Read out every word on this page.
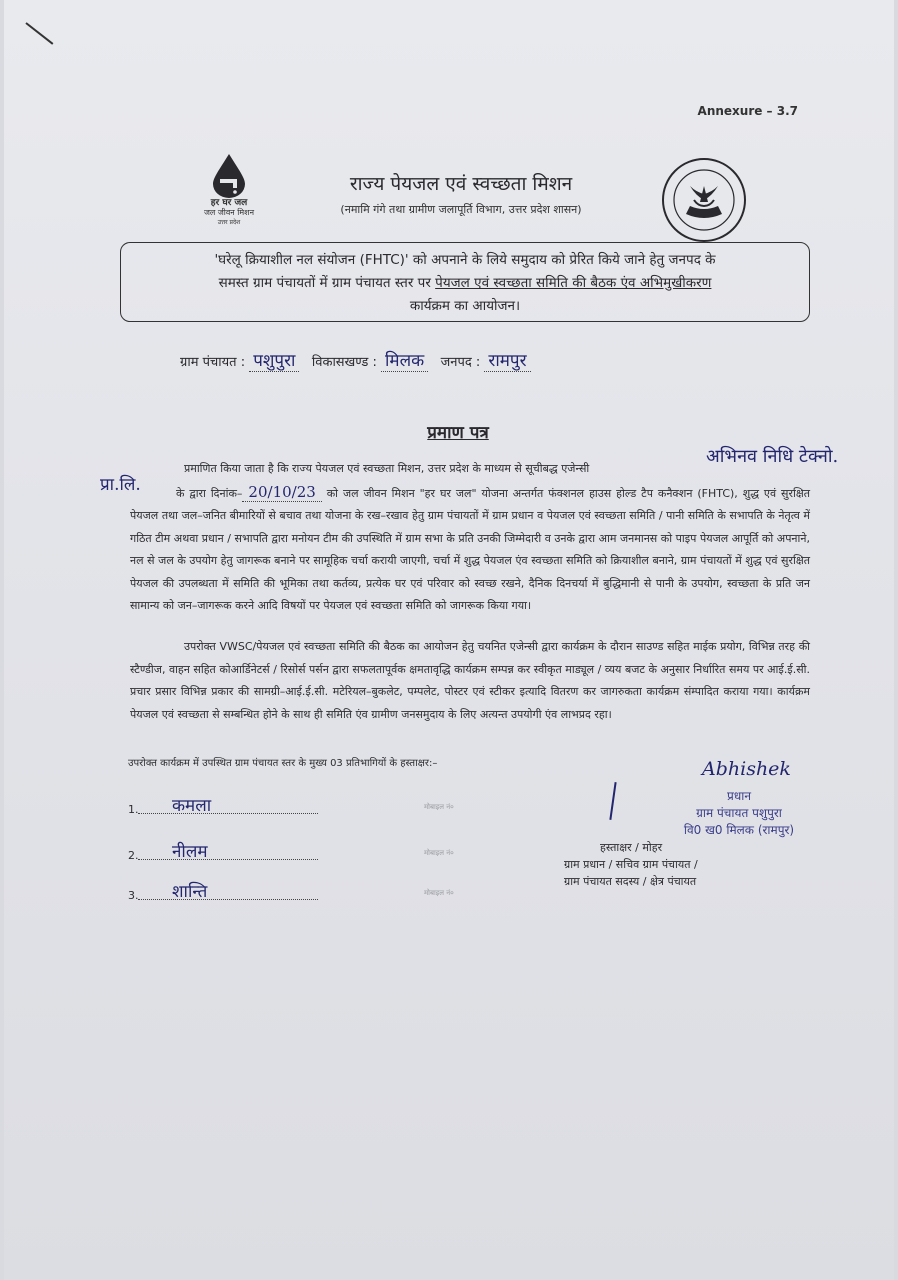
Annexure – 3.7
हर घर जल
जल जीवन मिशन
उत्तर प्रदेश
राज्य पेयजल एवं स्वच्छता मिशन
(नमामि गंगे तथा ग्रामीण जलापूर्ति विभाग, उत्तर प्रदेश शासन)
'घरेलू क्रियाशील नल संयोजन (FHTC)' को अपनाने के लिये समुदाय को प्रेरित किये जाने हेतु जनपद के
समस्त ग्राम पंचायतों में ग्राम पंचायत स्तर पर पेयजल एवं स्वच्छता समिति की बैठक एंव अभिमुखीकरण
कार्यक्रम का आयोजन।
ग्राम पंचायत : पशुपुरा विकासखण्ड : मिलक जनपद : रामपुर
प्रमाण पत्र
अभिनव निधि टेक्नो.
प्रा.लि.
प्रमाणित किया जाता है कि राज्य पेयजल एवं स्वच्छता मिशन, उत्तर प्रदेश के माध्यम से सूचीबद्ध एजेन्सी
के द्वारा दिनांक– 20/10/23 को जल जीवन मिशन "हर घर जल" योजना अन्तर्गत फंक्शनल हाउस होल्ड टैप कनैक्शन (FHTC), शुद्ध एवं सुरक्षित पेयजल तथा जल–जनित बीमारियों से बचाव तथा योजना के रख–रखाव हेतु ग्राम पंचायतों में ग्राम प्रधान व पेयजल एवं स्वच्छता समिति / पानी समिति के सभापति के नेतृत्व में गठित टीम अथवा प्रधान / सभापति द्वारा मनोयन टीम की उपस्थिति में ग्राम सभा के प्रति उनकी जिम्मेदारी व उनके द्वारा आम जनमानस को पाइप पेयजल आपूर्ति को अपनाने, नल से जल के उपयोग हेतु जागरूक बनाने पर सामूहिक चर्चा करायी जाएगी, चर्चा में शुद्ध पेयजल एंव स्वच्छता समिति को क्रियाशील बनाने, ग्राम पंचायतों में शुद्ध एवं सुरक्षित पेयजल की उपलब्धता में समिति की भूमिका तथा कर्तव्य, प्रत्येक घर एवं परिवार को स्वच्छ रखने, दैनिक दिनचर्या में बुद्धिमानी से पानी के उपयोग, स्वच्छता के प्रति जन सामान्य को जन–जागरूक करने आदि विषयों पर पेयजल एवं स्वच्छता समिति को जागरूक किया गया।
उपरोक्त VWSC/पेयजल एवं स्वच्छता समिति की बैठक का आयोजन हेतु चयनित एजेन्सी द्वारा कार्यक्रम के दौरान साउण्ड सहित माईक प्रयोग, विभिन्न तरह की स्टैण्डीज, वाहन सहित कोआर्डिनेटर्स / रिसोर्स पर्सन द्वारा सफलतापूर्वक क्षमतावृद्धि कार्यक्रम सम्पन्न कर स्वीकृत माड्यूल / व्यय बजट के अनुसार निर्धारित समय पर आई.ई.सी. प्रचार प्रसार विभिन्न प्रकार की सामग्री–आई.ई.सी. मटेरियल–बुकलेट, पम्पलेट, पोस्टर एवं स्टीकर इत्यादि वितरण कर जागरुकता कार्यक्रम संम्पादित कराया गया। कार्यक्रम पेयजल एवं स्वच्छता से सम्बन्धित होने के साथ ही समिति एंव ग्रामीण जनसमुदाय के लिए अत्यन्त उपयोगी एंव लाभप्रद रहा।
उपरोक्त कार्यक्रम में उपस्थित ग्राम पंचायत स्तर के मुख्य 03 प्रतिभागियों के हस्ताक्षर:–
1. कमला	मोबाइल नं०
2. नीलम	मोबाइल नं०
3. शान्ति	मोबाइल नं०
Abhishek
प्रधान
ग्राम पंचायत पशुपुरा
वि0 ख0 मिलक (रामपुर)
हस्ताक्षर / मोहर
ग्राम प्रधान / सचिव ग्राम पंचायत /
ग्राम पंचायत सदस्य / क्षेत्र पंचायत
